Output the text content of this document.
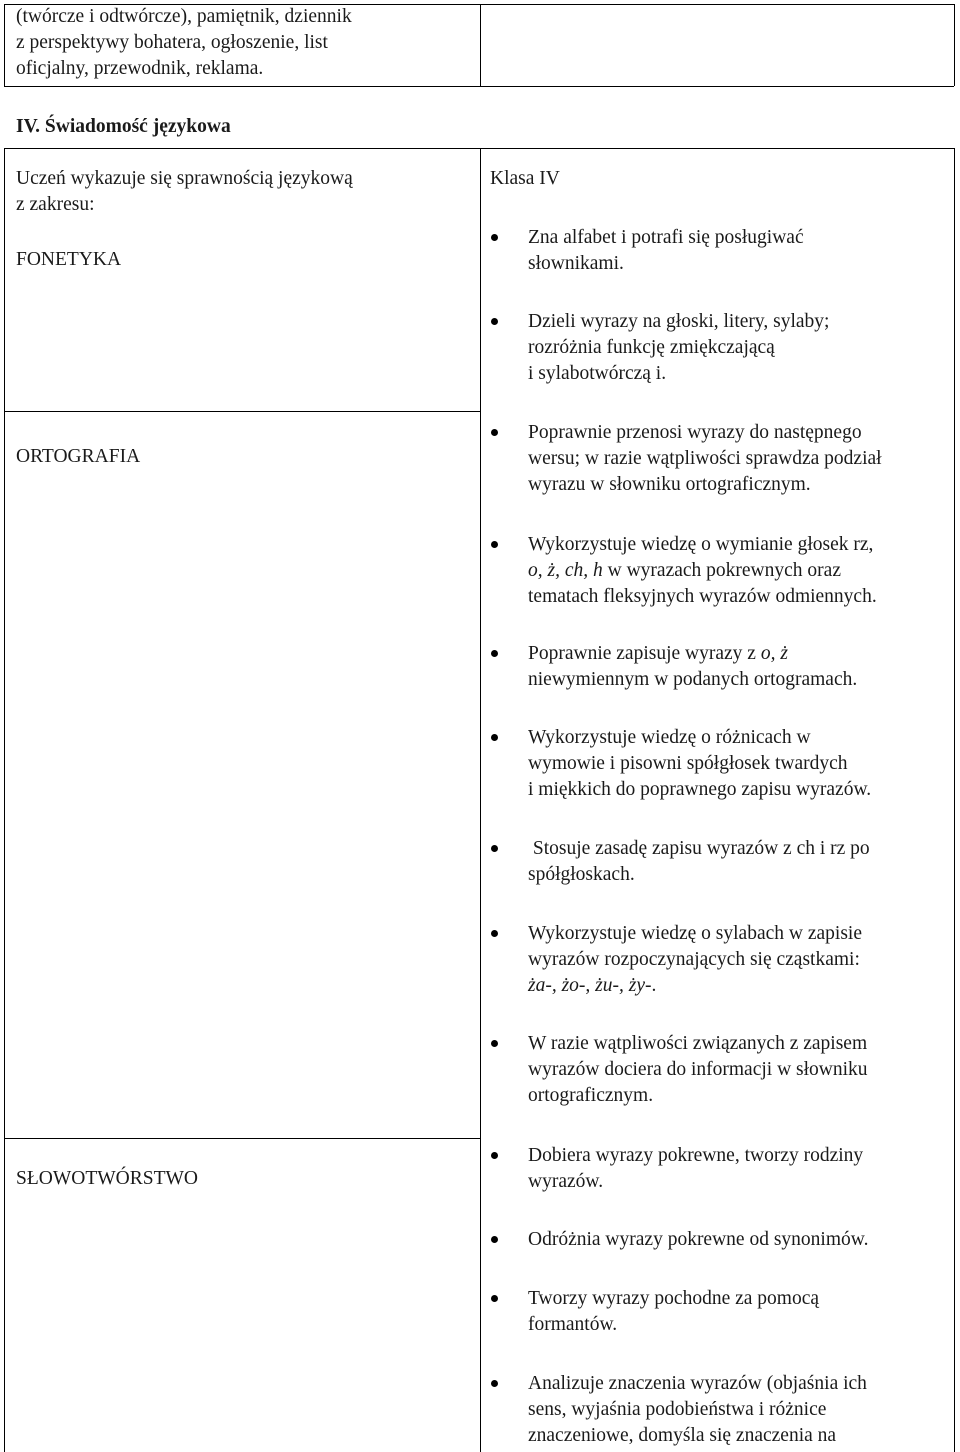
(twórcze i odtwórcze), pamiętnik, dziennik
z perspektywy bohatera, ogłoszenie, list
oficjalny, przewodnik, reklama.
IV. Świadomość językowa
Uczeń wykazuje się sprawnością językową
z zakresu:
FONETYKA
ORTOGRAFIA
SŁOWOTWÓRSTWO
Klasa IV
Zna alfabet i potrafi się posługiwać
słownikami.
Dzieli wyrazy na głoski, litery, sylaby;
rozróżnia funkcję zmiękczającą
i sylabotwórczą i.
Poprawnie przenosi wyrazy do następnego
wersu; w razie wątpliwości sprawdza podział
wyrazu w słowniku ortograficznym.
Wykorzystuje wiedzę o wymianie głosek rz,
o, ż, ch, h w wyrazach pokrewnych oraz
tematach fleksyjnych wyrazów odmiennych.
Poprawnie zapisuje wyrazy z o, ż
niewymiennym w podanych ortogramach.
Wykorzystuje wiedzę o różnicach w
wymowie i pisowni spółgłosek twardych
i miękkich do poprawnego zapisu wyrazów.
Stosuje zasadę zapisu wyrazów z ch i rz po
spółgłoskach.
Wykorzystuje wiedzę o sylabach w zapisie
wyrazów rozpoczynających się cząstkami:
ża-, żo-, żu-, ży-.
W razie wątpliwości związanych z zapisem
wyrazów dociera do informacji w słowniku
ortograficznym.
Dobiera wyrazy pokrewne, tworzy rodziny
wyrazów.
Odróżnia wyrazy pokrewne od synonimów.
Tworzy wyrazy pochodne za pomocą
formantów.
Analizuje znaczenia wyrazów (objaśnia ich
sens, wyjaśnia podobieństwa i różnice
znaczeniowe, domyśla się znaczenia na
